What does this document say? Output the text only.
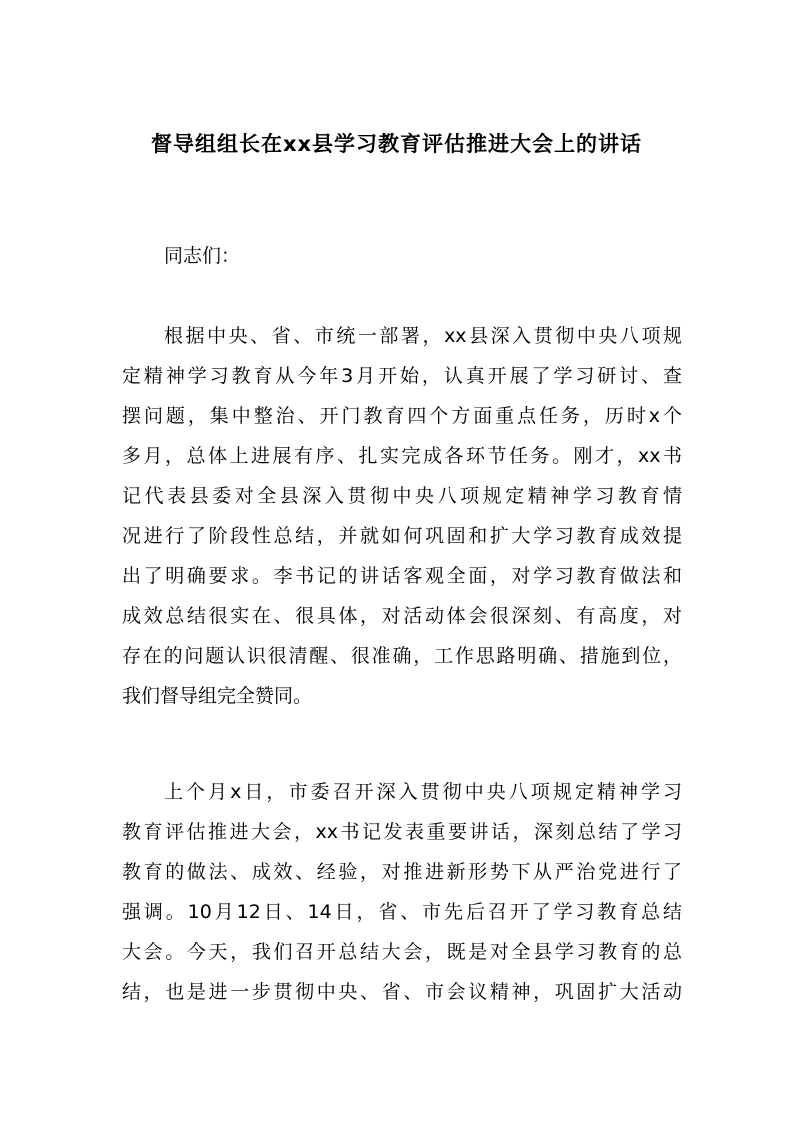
督导组组长在xx县学习教育评估推进大会上的讲话
同志们：
根据中央、省、市统一部署，xx县深入贯彻中央八项规
定精神学习教育从今年3月开始，认真开展了学习研讨、查
摆问题，集中整治、开门教育四个方面重点任务，历时x个
多月，总体上进展有序、扎实完成各环节任务。刚才，xx书
记代表县委对全县深入贯彻中央八项规定精神学习教育情
况进行了阶段性总结，并就如何巩固和扩大学习教育成效提
出了明确要求。李书记的讲话客观全面，对学习教育做法和
成效总结很实在、很具体，对活动体会很深刻、有高度，对
存在的问题认识很清醒、很准确，工作思路明确、措施到位，
我们督导组完全赞同。
上个月x日，市委召开深入贯彻中央八项规定精神学习
教育评估推进大会，xx书记发表重要讲话，深刻总结了学习
教育的做法、成效、经验，对推进新形势下从严治党进行了
强调。10月12日、14日，省、市先后召开了学习教育总结
大会。今天，我们召开总结大会，既是对全县学习教育的总
结，也是进一步贯彻中央、省、市会议精神，巩固扩大活动
